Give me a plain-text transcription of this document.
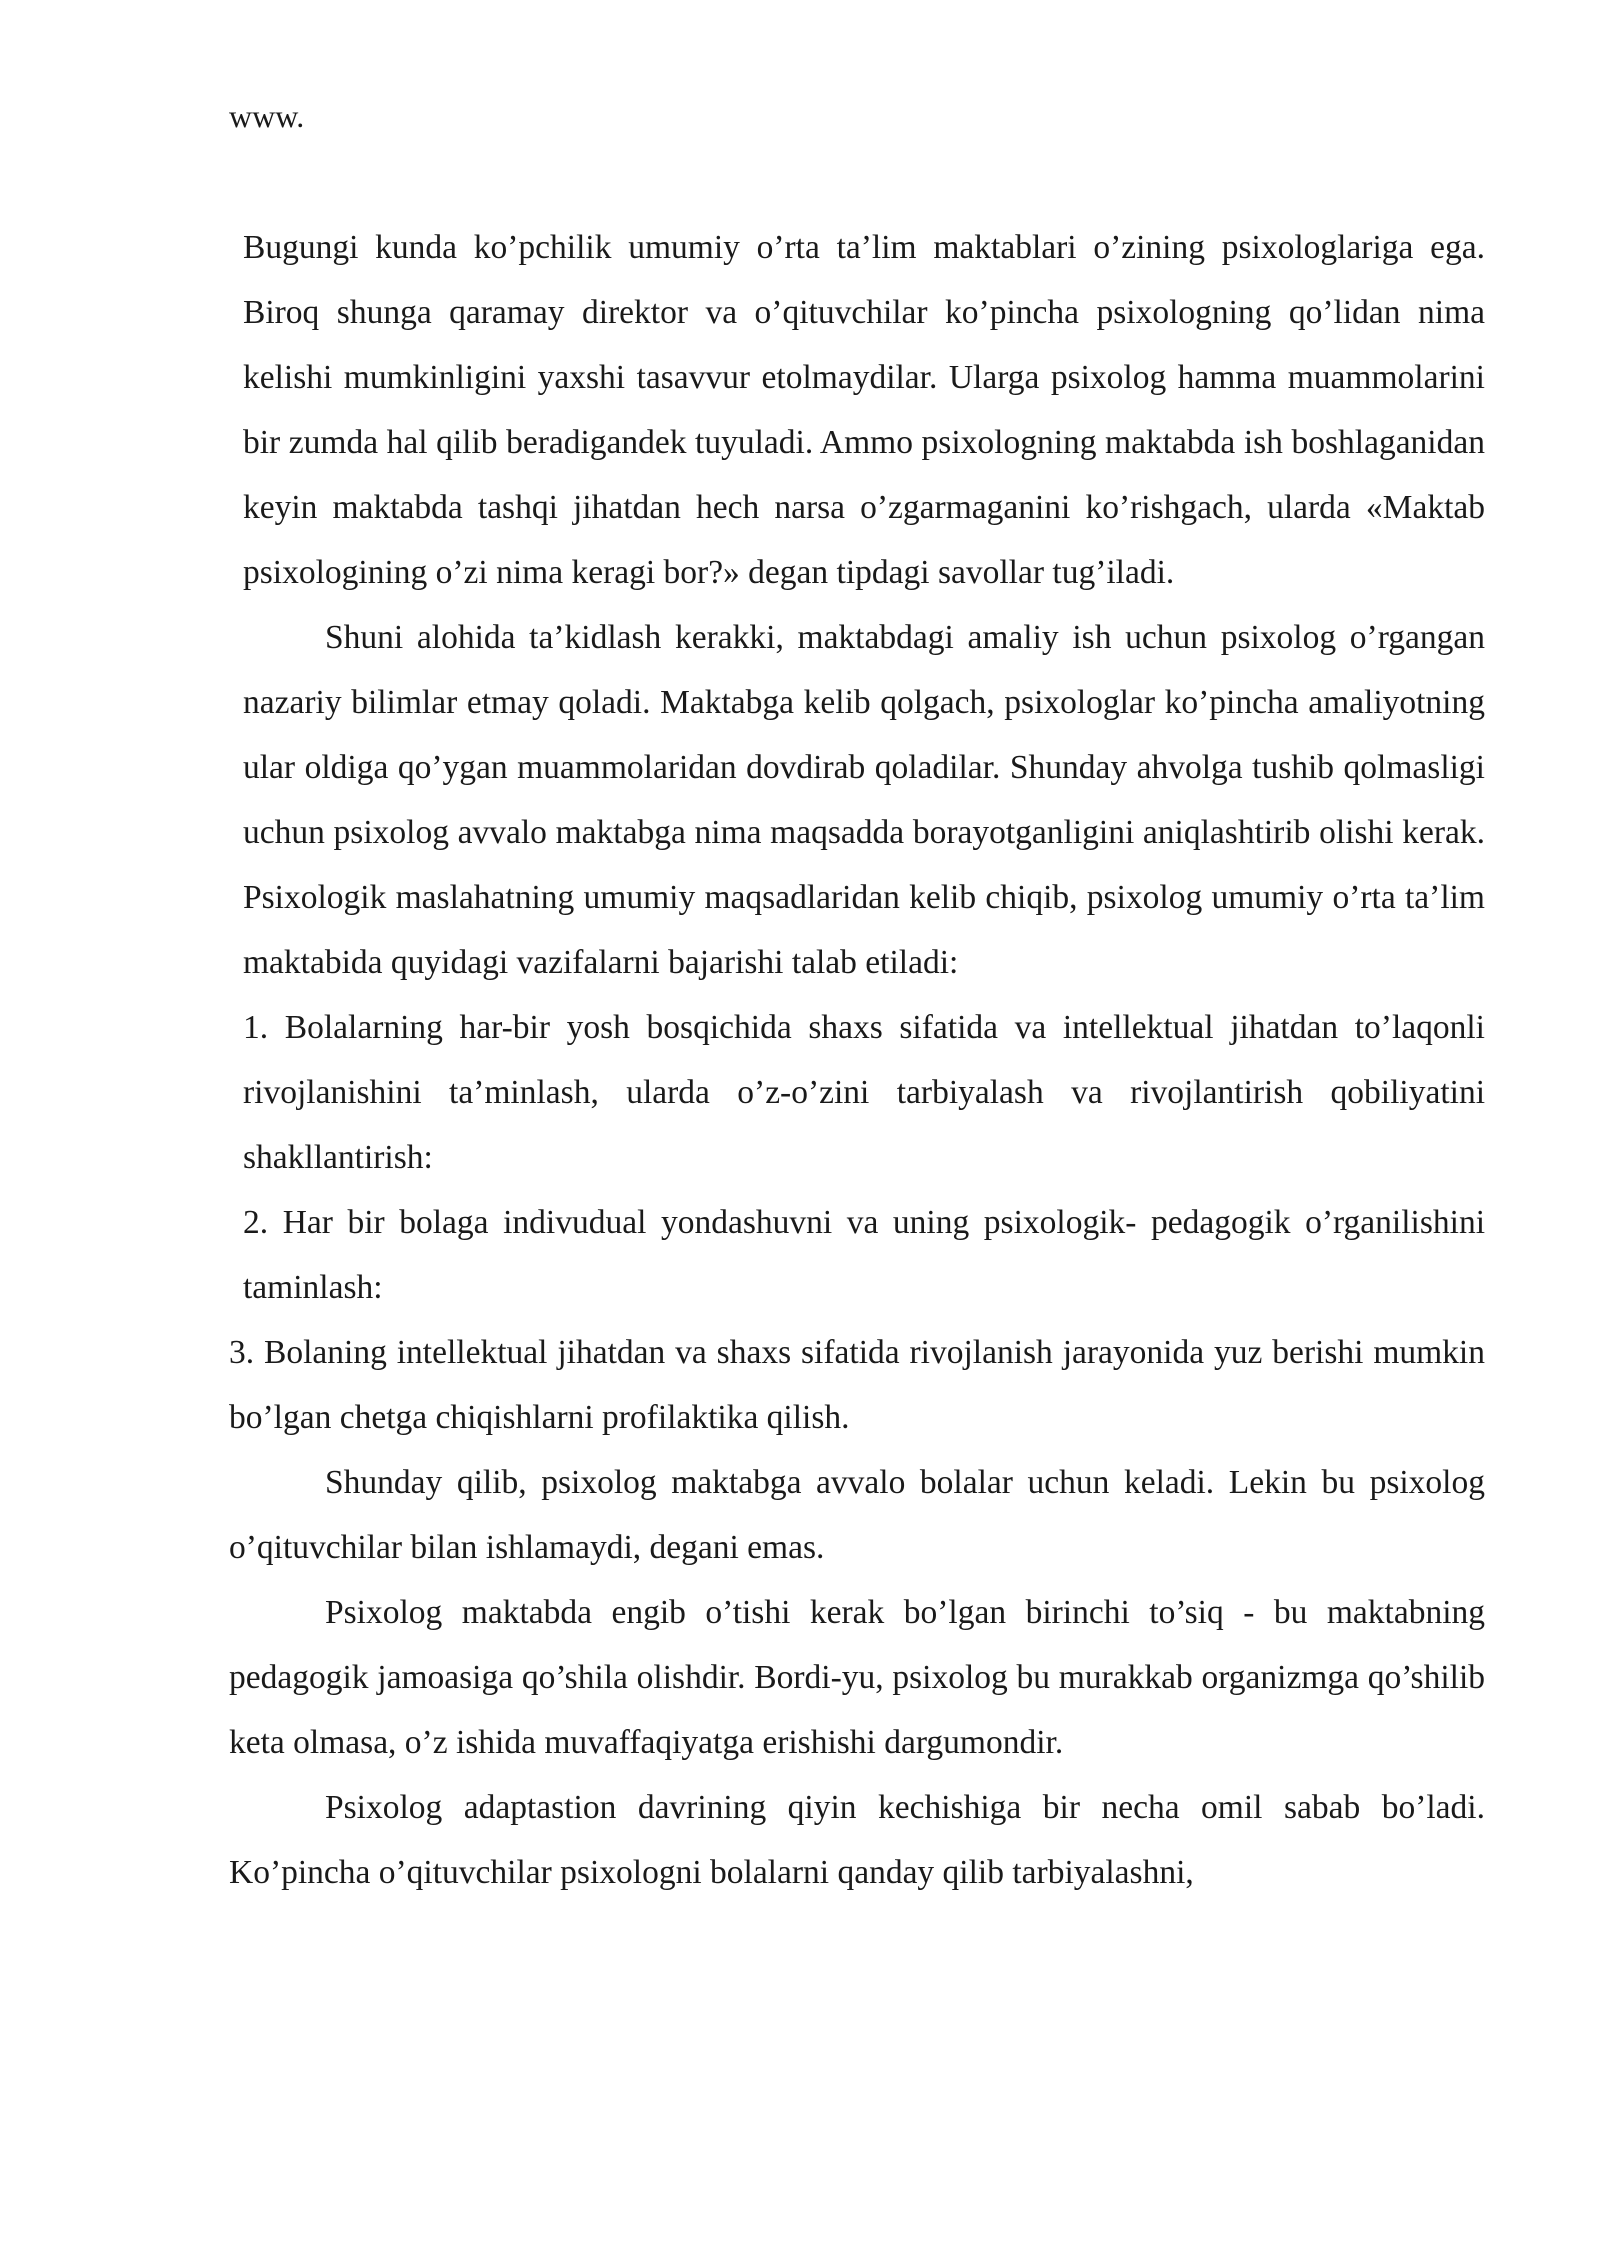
www.

Bugungi kunda ko’pchilik umumiy o’rta ta’lim maktablari o’zining psixologlariga ega. Biroq shunga qaramay direktor va o’qituvchilar ko’pincha psixologning qo’lidan nima kelishi mumkinligini yaxshi tasavvur etolmaydilar. Ularga psixolog hamma muammolarini bir zumda hal qilib beradigandek tuyuladi. Ammo psixologning maktabda ish boshlaganidan keyin maktabda tashqi jihatdan hech narsa o’zgarmaganini ko’rishgach, ularda «Maktab psixologining o’zi nima keragi bor?» degan tipdagi savollar tug’iladi.

Shuni alohida ta’kidlash kerakki, maktabdagi amaliy ish uchun psixolog o’rgangan nazariy bilimlar etmay qoladi. Maktabga kelib qolgach, psixologlar ko’pincha amaliyotning ular oldiga qo’ygan muammolaridan dovdirab qoladilar. Shunday ahvolga tushib qolmasligi uchun psixolog avvalo maktabga nima maqsadda borayotganligini aniqlashtirib olishi kerak. Psixologik maslahatning umumiy maqsadlaridan kelib chiqib, psixolog umumiy o’rta ta’lim maktabida quyidagi vazifalarni bajarishi talab etiladi:

1. Bolalarning har-bir yosh bosqichida shaxs sifatida va intellektual jihatdan to’laqonli rivojlanishini ta’minlash, ularda o’z-o’zini tarbiyalash va rivojlantirish qobiliyatini shakllantirish:

2. Har bir bolaga indivudual yondashuvni va uning psixologik- pedagogik o’rganilishini taminlash:

3. Bolaning intellektual jihatdan va shaxs sifatida rivojlanish jarayonida yuz berishi mumkin bo’lgan chetga chiqishlarni profilaktika qilish.

Shunday qilib, psixolog maktabga avvalo bolalar uchun keladi. Lekin bu psixolog o’qituvchilar bilan ishlamaydi, degani emas.

Psixolog maktabda engib o’tishi kerak bo’lgan birinchi to’siq - bu maktabning pedagogik jamoasiga qo’shila olishdir. Bordi-yu, psixolog bu murakkab organizmga qo’shilib keta olmasa, o’z ishida muvaffaqiyatga erishishi dargumondir.

Psixolog adaptastion davrining qiyin kechishiga bir necha omil sabab bo’ladi. Ko’pincha o’qituvchilar psixologni bolalarni qanday qilib tarbiyalashni,
